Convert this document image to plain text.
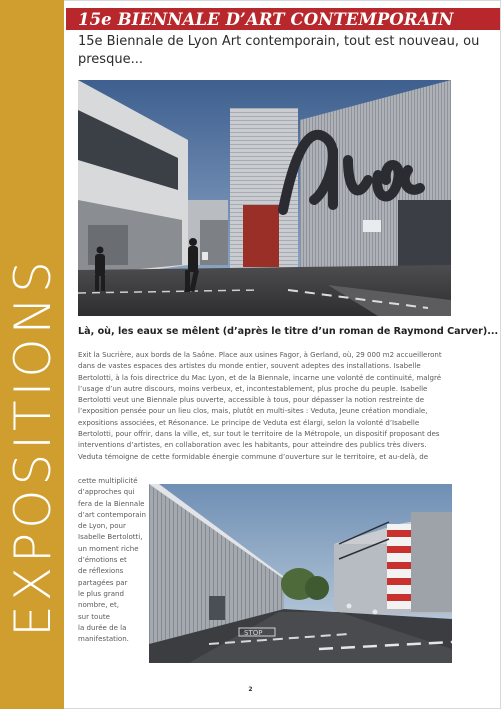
EXPOSITIONS
15e BIENNALE D’ART CONTEMPORAIN
15e Biennale de Lyon Art contemporain, tout est nouveau, ou presque...
Là, où, les eaux se mêlent (d’après le titre d’un roman de Raymond Carver)...

Exit la Sucrière, aux bords de la Saône. Place aux usines Fagor, à Gerland, où, 29 000 m2 accueilleront dans de vastes espaces des artistes du monde entier, souvent adeptes des installations. Isabelle Bertolotti, à la fois directrice du Mac Lyon, et de la Biennale, incarne une volonté de continuité, malgré l’usage d’un autre discours, moins verbeux, et, incontestablement, plus proche du peuple. Isabelle Bertolotti veut une Biennale plus ouverte, accessible à tous, pour dépasser la notion restreinte de l’exposition pensée pour un lieu clos, mais, plutôt en multi-sites : Veduta, Jeune création mondiale, expositions associées, et Résonance. Le principe de Veduta est élargi, selon la volonté d’Isabelle Bertolotti, pour offrir, dans la ville, et, sur tout le territoire de la Métropole, un dispositif proposant des interventions d’artistes, en collaboration avec les habitants, pour atteindre des publics très divers. Veduta témoigne de cette formidable énergie commune d’ouverture sur le territoire, et au-delà, de

cette multiplicité
d’approches qui
fera de la Biennale
d’art contemporain
de Lyon, pour
Isabelle Bertolotti,
un moment riche
d’émotions et
de réflexions
partagées par
le plus grand
nombre, et,
sur toute
la durée de la
manifestation.
STOP
2
